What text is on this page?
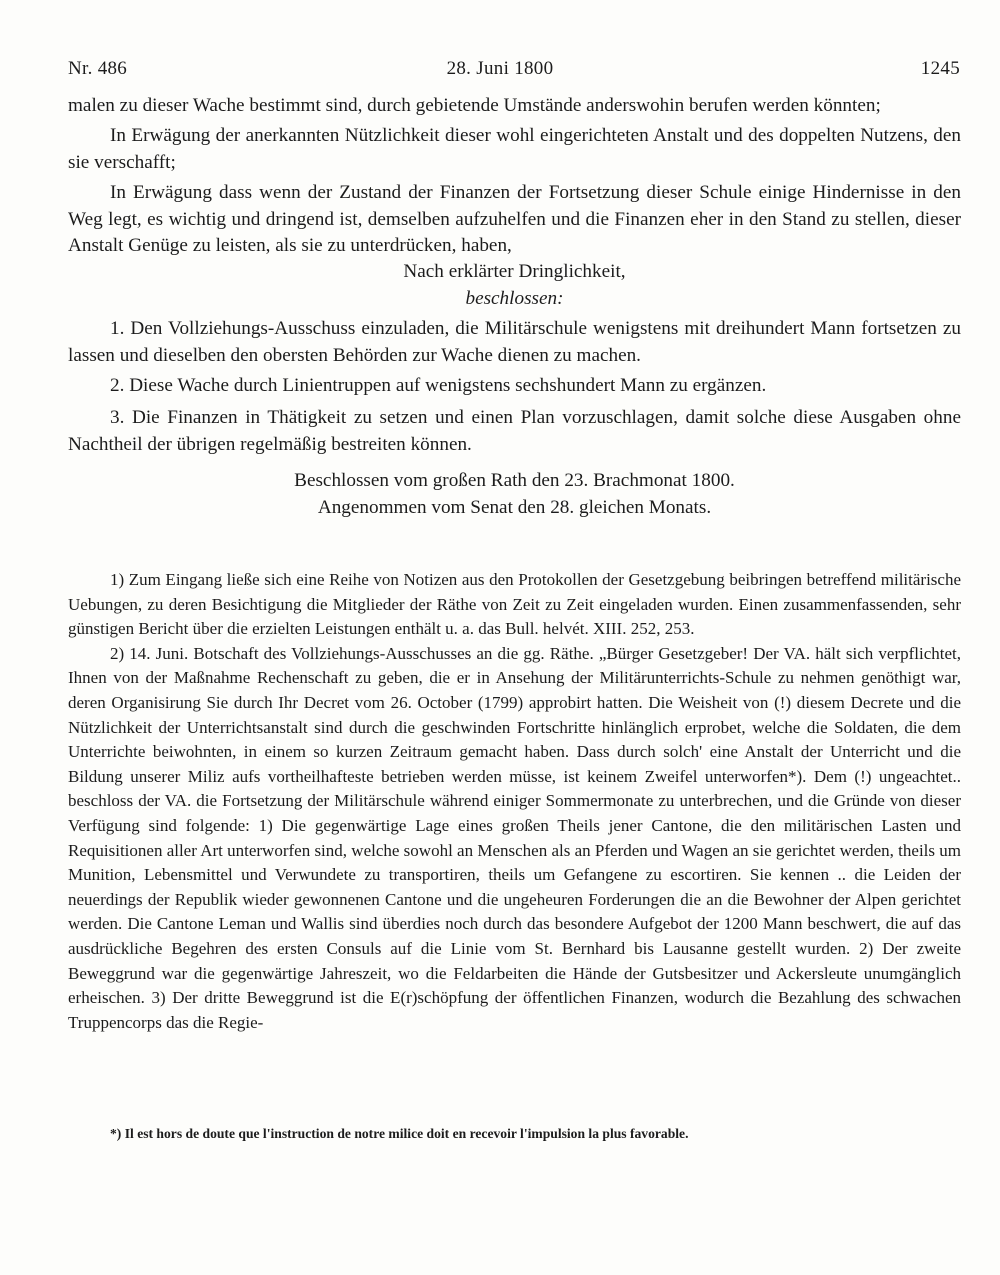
Nr. 486	28. Juni 1800	1245

malen zu dieser Wache bestimmt sind, durch gebietende Umstände anderswohin berufen werden könnten;

In Erwägung der anerkannten Nützlichkeit dieser wohl eingerichteten Anstalt und des doppelten Nutzens, den sie verschafft;

In Erwägung dass wenn der Zustand der Finanzen der Fortsetzung dieser Schule einige Hindernisse in den Weg legt, es wichtig und dringend ist, demselben aufzuhelfen und die Finanzen eher in den Stand zu stellen, dieser Anstalt Genüge zu leisten, als sie zu unterdrücken, haben,

Nach erklärter Dringlichkeit,

beschlossen:

1. Den Vollziehungs-Ausschuss einzuladen, die Militärschule wenigstens mit dreihundert Mann fortsetzen zu lassen und dieselben den obersten Behörden zur Wache dienen zu machen.

2. Diese Wache durch Linientruppen auf wenigstens sechshundert Mann zu ergänzen.

3. Die Finanzen in Thätigkeit zu setzen und einen Plan vorzuschlagen, damit solche diese Ausgaben ohne Nachtheil der übrigen regelmäßig bestreiten können.

Beschlossen vom großen Rath den 23. Brachmonat 1800.

Angenommen vom Senat den 28. gleichen Monats.

1) Zum Eingang ließe sich eine Reihe von Notizen aus den Protokollen der Gesetzgebung beibringen betreffend militärische Uebungen, zu deren Besichtigung die Mitglieder der Räthe von Zeit zu Zeit eingeladen wurden. Einen zusammenfassenden, sehr günstigen Bericht über die erzielten Leistungen enthält u. a. das Bull. helvét. XIII. 252, 253.

2) 14. Juni. Botschaft des Vollziehungs-Ausschusses an die gg. Räthe. „Bürger Gesetzgeber! Der VA. hält sich verpflichtet, Ihnen von der Maßnahme Rechenschaft zu geben, die er in Ansehung der Militärunterrichts-Schule zu nehmen genöthigt war, deren Organisirung Sie durch Ihr Decret vom 26. October (1799) approbirt hatten. Die Weisheit von (!) diesem Decrete und die Nützlichkeit der Unterrichtsanstalt sind durch die geschwinden Fortschritte hinlänglich erprobet, welche die Soldaten, die dem Unterrichte beiwohnten, in einem so kurzen Zeitraum gemacht haben. Dass durch solch' eine Anstalt der Unterricht und die Bildung unserer Miliz aufs vortheilhafteste betrieben werden müsse, ist keinem Zweifel unterworfen*). Dem (!) ungeachtet.. beschloss der VA. die Fortsetzung der Militärschule während einiger Sommermonate zu unterbrechen, und die Gründe von dieser Verfügung sind folgende: 1) Die gegenwärtige Lage eines großen Theils jener Cantone, die den militärischen Lasten und Requisitionen aller Art unterworfen sind, welche sowohl an Menschen als an Pferden und Wagen an sie gerichtet werden, theils um Munition, Lebensmittel und Verwundete zu transportiren, theils um Gefangene zu escortiren. Sie kennen .. die Leiden der neuerdings der Republik wieder gewonnenen Cantone und die ungeheuren Forderungen die an die Bewohner der Alpen gerichtet werden. Die Cantone Leman und Wallis sind überdies noch durch das besondere Aufgebot der 1200 Mann beschwert, die auf das ausdrückliche Begehren des ersten Consuls auf die Linie vom St. Bernhard bis Lausanne gestellt wurden. 2) Der zweite Beweggrund war die gegenwärtige Jahreszeit, wo die Feldarbeiten die Hände der Gutsbesitzer und Ackersleute unumgänglich erheischen. 3) Der dritte Beweggrund ist die E(r)schöpfung der öffentlichen Finanzen, wodurch die Bezahlung des schwachen Truppencorps das die Regie-

*) Il est hors de doute que l'instruction de notre milice doit en recevoir l'impulsion la plus favorable.
